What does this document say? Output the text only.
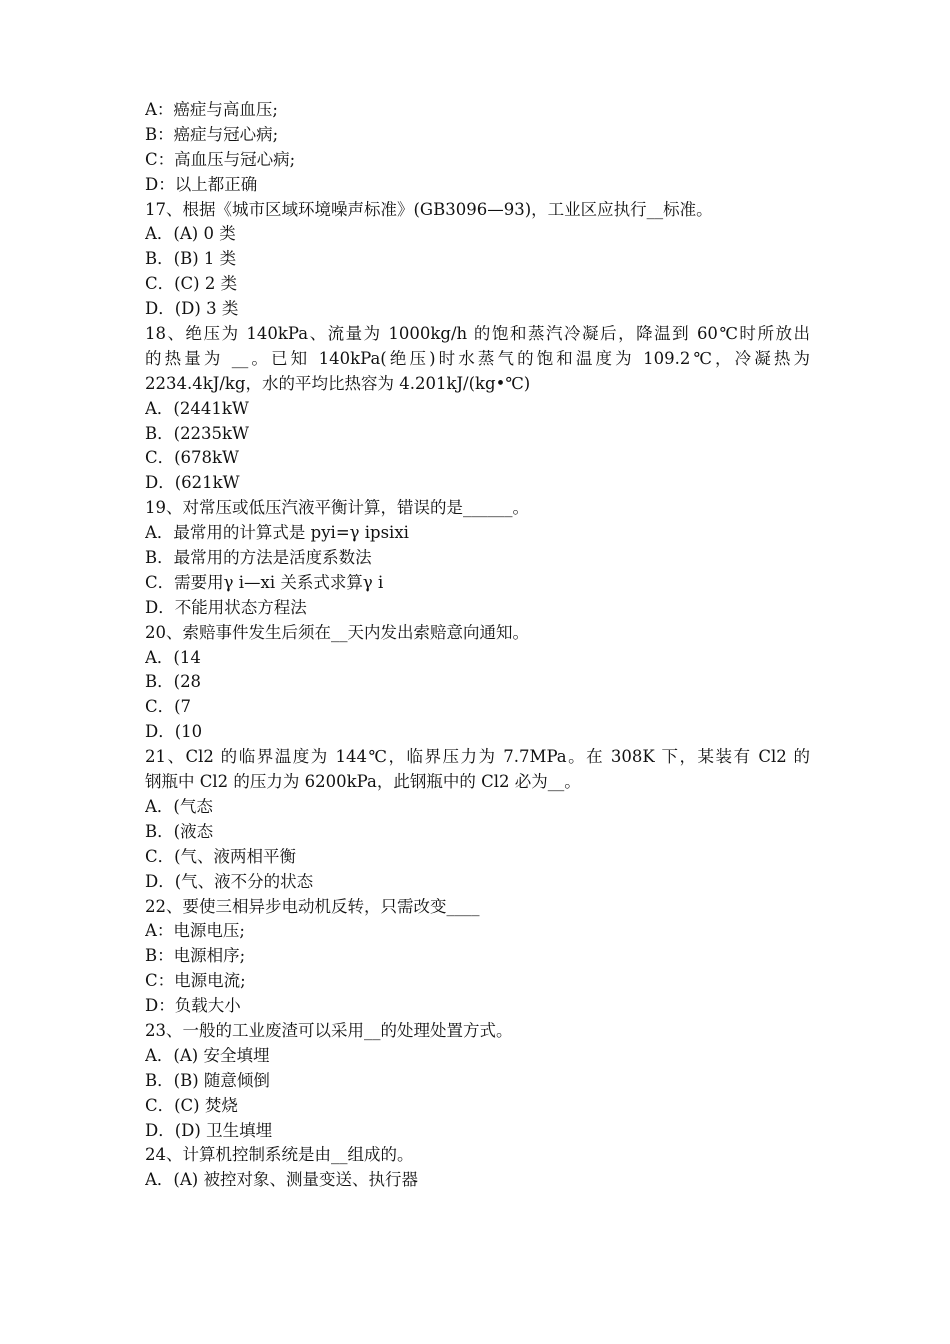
A：癌症与高血压;
B：癌症与冠心病;
C：高血压与冠心病;
D：以上都正确
17、根据《城市区域环境噪声标准》(GB3096—93)，工业区应执行__标准。
A．(A) 0 类
B．(B) 1 类
C．(C) 2 类
D．(D) 3 类
18、绝压为 140kPa、流量为 1000kg/h 的饱和蒸汽冷凝后，降温到 60℃时所放出
的热量为 __。已知 140kPa(绝压)时水蒸气的饱和温度为 109.2℃，冷凝热为
2234.4kJ/kg，水的平均比热容为 4.201kJ/(kg•℃)
A．(2441kW
B．(2235kW
C．(678kW
D．(621kW
19、对常压或低压汽液平衡计算，错误的是______。
A．最常用的计算式是 pyi=γ ipsixi
B．最常用的方法是活度系数法
C．需要用γ i—xi 关系式求算γ i
D．不能用状态方程法
20、索赔事件发生后须在__天内发出索赔意向通知。
A．(14
B．(28
C．(7
D．(10
21、Cl2 的临界温度为 144℃，临界压力为 7.7MPa。在 308K 下，某装有 Cl2 的
钢瓶中 Cl2 的压力为 6200kPa，此钢瓶中的 Cl2 必为__。
A．(气态
B．(液态
C．(气、液两相平衡
D．(气、液不分的状态
22、要使三相异步电动机反转，只需改变____
A：电源电压;
B：电源相序;
C：电源电流;
D：负载大小
23、一般的工业废渣可以采用__的处理处置方式。
A．(A) 安全填埋
B．(B) 随意倾倒
C．(C) 焚烧
D．(D) 卫生填埋
24、计算机控制系统是由__组成的。
A．(A) 被控对象、测量变送、执行器
